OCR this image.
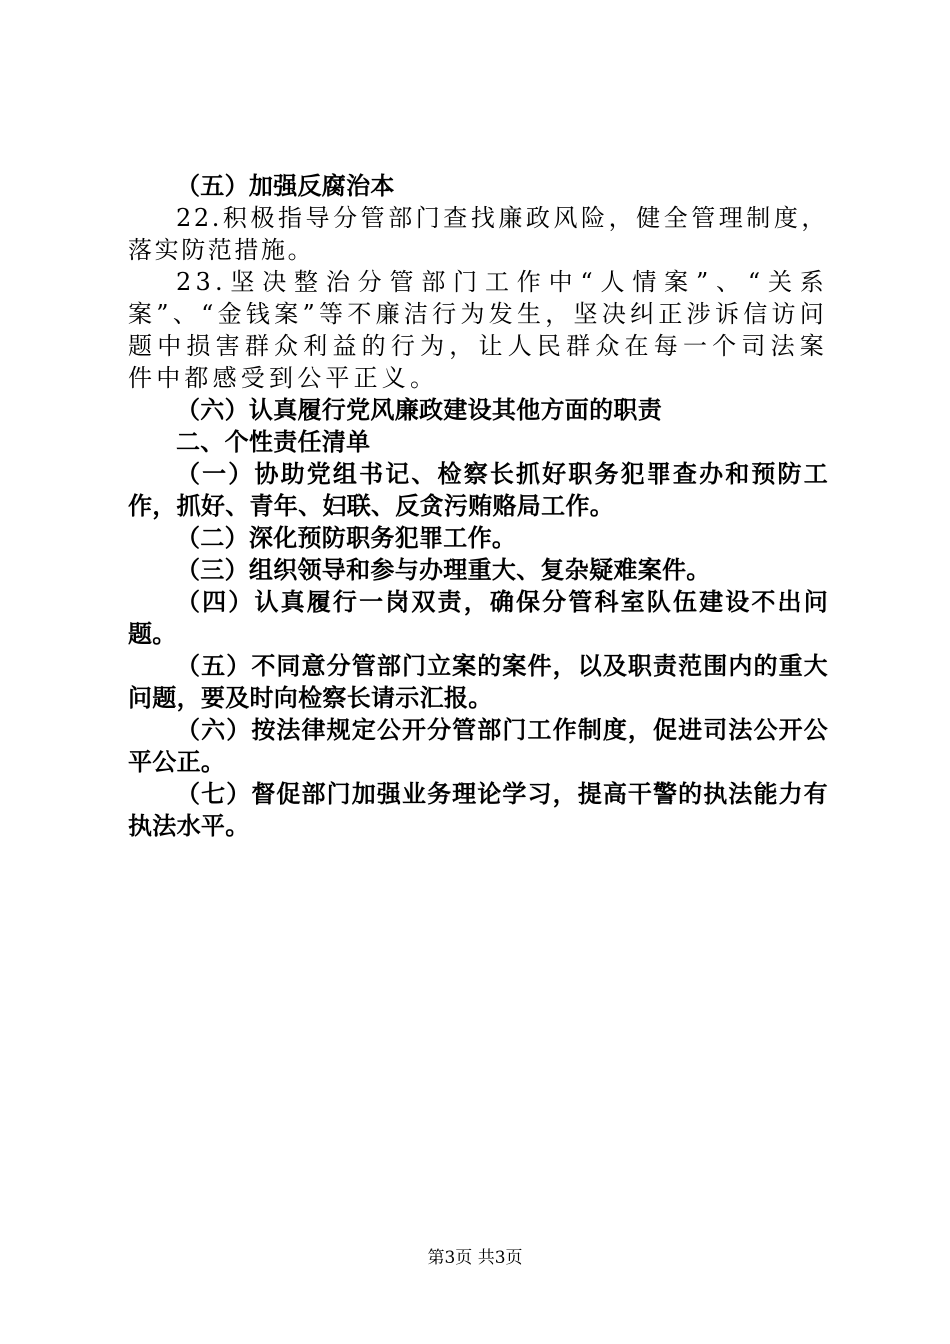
（五）加强反腐治本

22.积极指导分管部门查找廉政风险，健全管理制度，落实防范措施。

23.坚决整治分管部门工作中“人情案”、“关系案”、“金钱案”等不廉洁行为发生，坚决纠正涉诉信访问题中损害群众利益的行为，让人民群众在每一个司法案件中都感受到公平正义。

（六）认真履行党风廉政建设其他方面的职责

二、个性责任清单

（一）协助党组书记、检察长抓好职务犯罪查办和预防工作，抓好、青年、妇联、反贪污贿赂局工作。

（二）深化预防职务犯罪工作。

（三）组织领导和参与办理重大、复杂疑难案件。

（四）认真履行一岗双责，确保分管科室队伍建设不出问题。

（五）不同意分管部门立案的案件，以及职责范围内的重大问题，要及时向检察长请示汇报。

（六）按法律规定公开分管部门工作制度，促进司法公开公平公正。

（七）督促部门加强业务理论学习，提高干警的执法能力有执法水平。

第3页 共3页
